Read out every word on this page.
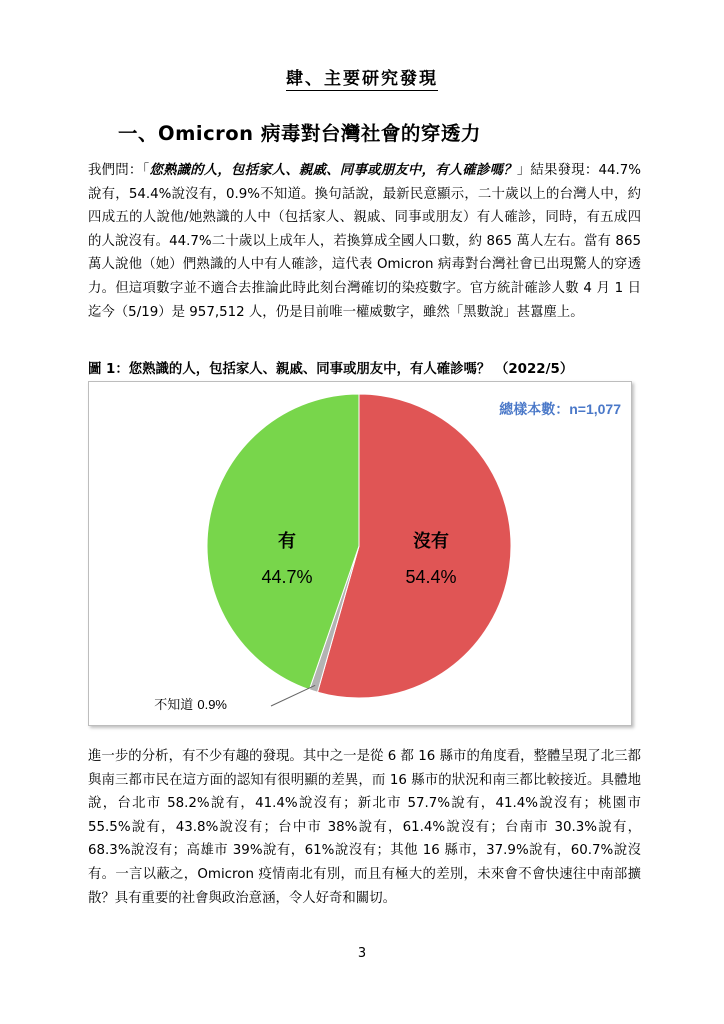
肆、主要研究發現
一、Omicron 病毒對台灣社會的穿透力
我們問：「您熟識的人，包括家人、親戚、同事或朋友中，有人確診嗎？」結果發現：44.7%說有，54.4%說沒有，0.9%不知道。換句話說，最新民意顯示，二十歲以上的台灣人中，約四成五的人說他/她熟識的人中（包括家人、親戚、同事或朋友）有人確診，同時，有五成四的人說沒有。44.7%二十歲以上成年人，若換算成全國人口數，約 865 萬人左右。當有 865 萬人說他（她）們熟識的人中有人確診，這代表 Omicron 病毒對台灣社會已出現驚人的穿透力。但這項數字並不適合去推論此時此刻台灣確切的染疫數字。官方統計確診人數 4 月 1 日迄今（5/19）是 957,512 人，仍是目前唯一權威數字，雖然「黑數說」甚囂塵上。
圖 1：您熟識的人，包括家人、親戚、同事或朋友中，有人確診嗎？ （2022/5）
總樣本數：n=1,077
有
44.7%
沒有
54.4%
不知道 0.9%
進一步的分析，有不少有趣的發現。其中之一是從 6 都 16 縣市的角度看，整體呈現了北三都與南三都市民在這方面的認知有很明顯的差異，而 16 縣市的狀況和南三都比較接近。具體地說，台北市 58.2%說有，41.4%說沒有；新北市 57.7%說有，41.4%說沒有；桃園市 55.5%說有，43.8%說沒有；台中市 38%說有，61.4%說沒有；台南市 30.3%說有，68.3%說沒有；高雄市 39%說有，61%說沒有；其他 16 縣市，37.9%說有，60.7%說沒有。一言以蔽之，Omicron 疫情南北有別，而且有極大的差別，未來會不會快速往中南部擴散？具有重要的社會與政治意涵，令人好奇和關切。
3
